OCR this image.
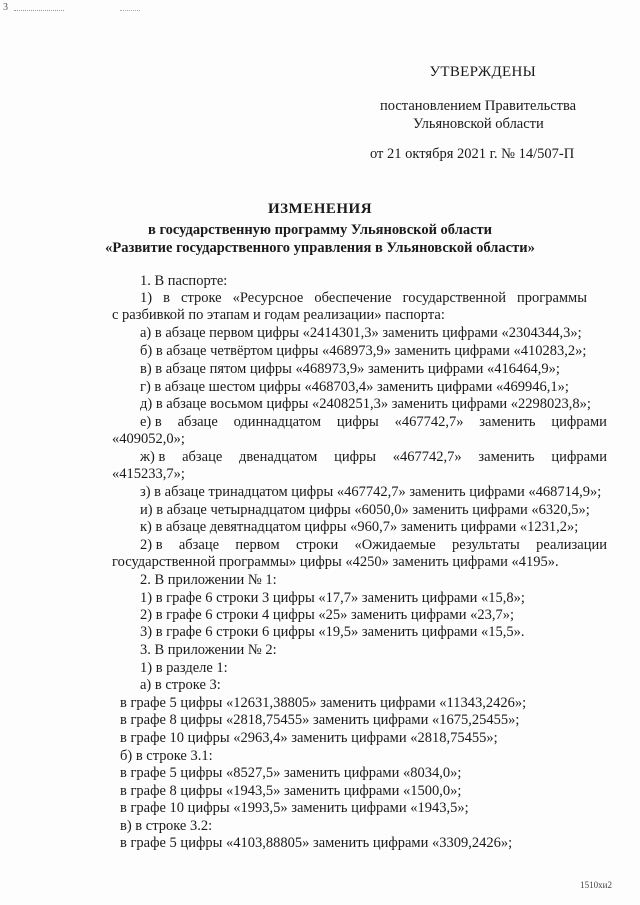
3
УТВЕРЖДЕНЫ
постановлением Правительства
Ульяновской области
от 21 октября 2021 г. № 14/507-П
ИЗМЕНЕНИЯ
в государственную программу Ульяновской области
«Развитие государственного управления в Ульяновской области»
1. В паспорте:
1) в строке «Ресурсное обеспечение государственной программы
с разбивкой по этапам и годам реализации» паспорта:
а) в абзаце первом цифры «2414301,3» заменить цифрами «2304344,3»;
б) в абзаце четвёртом цифры «468973,9» заменить цифрами «410283,2»;
в) в абзаце пятом цифры «468973,9» заменить цифрами «416464,9»;
г) в абзаце шестом цифры «468703,4» заменить цифрами «469946,1»;
д) в абзаце восьмом цифры «2408251,3» заменить цифрами «2298023,8»;
е) в абзаце одиннадцатом цифры «467742,7» заменить цифрами
«409052,0»;
ж) в абзаце двенадцатом цифры «467742,7» заменить цифрами
«415233,7»;
з) в абзаце тринадцатом цифры «467742,7» заменить цифрами «468714,9»;
и) в абзаце четырнадцатом цифры «6050,0» заменить цифрами «6320,5»;
к) в абзаце девятнадцатом цифры «960,7» заменить цифрами «1231,2»;
2) в абзаце первом строки «Ожидаемые результаты реализации
государственной программы» цифры «4250» заменить цифрами «4195».
2. В приложении № 1:
1) в графе 6 строки 3 цифры «17,7» заменить цифрами «15,8»;
2) в графе 6 строки 4 цифры «25» заменить цифрами «23,7»;
3) в графе 6 строки 6 цифры «19,5» заменить цифрами «15,5».
3. В приложении № 2:
1) в разделе 1:
а) в строке 3:
в графе 5 цифры «12631,38805» заменить цифрами «11343,2426»;
в графе 8 цифры «2818,75455» заменить цифрами «1675,25455»;
в графе 10 цифры «2963,4» заменить цифрами «2818,75455»;
б) в строке 3.1:
в графе 5 цифры «8527,5» заменить цифрами «8034,0»;
в графе 8 цифры «1943,5» заменить цифрами «1500,0»;
в графе 10 цифры «1993,5» заменить цифрами «1943,5»;
в) в строке 3.2:
в графе 5 цифры «4103,88805» заменить цифрами «3309,2426»;
1510хи2
